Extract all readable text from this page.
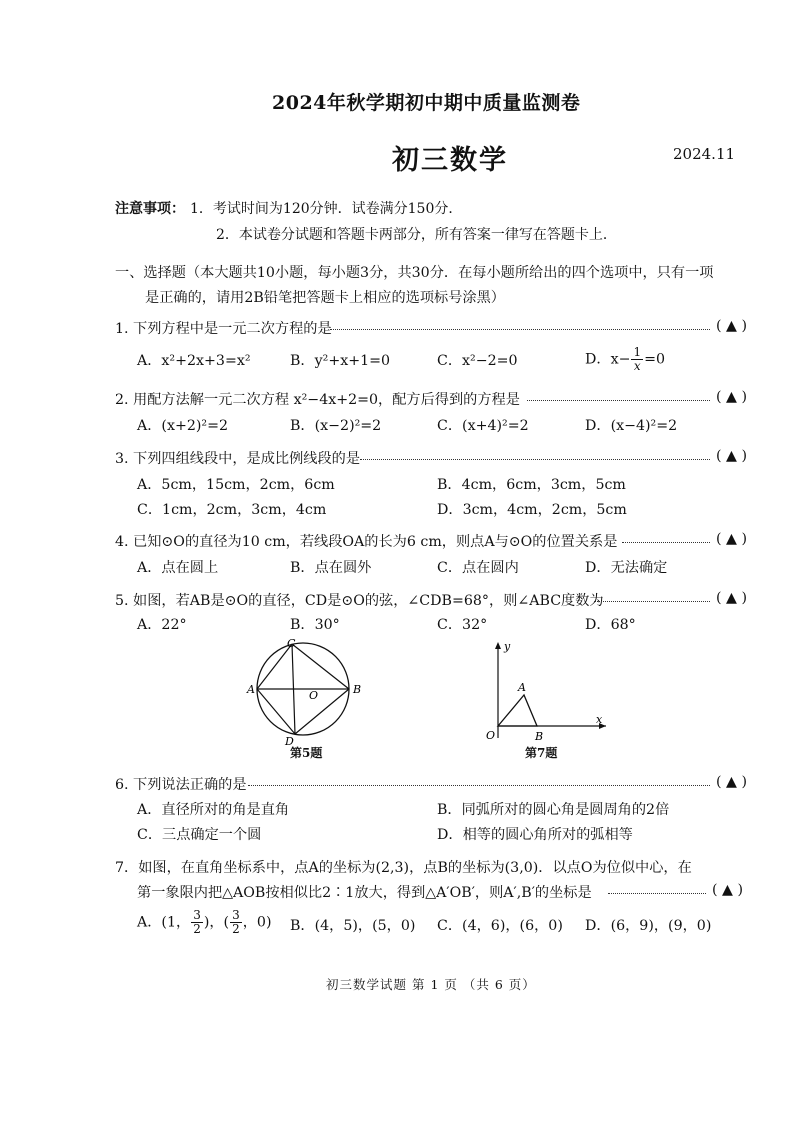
2024年秋学期初中期中质量监测卷
初三数学	2024.11
注意事项： 1．考试时间为120分钟．试卷满分150分．
2．本试卷分试题和答题卡两部分，所有答案一律写在答题卡上．
一、选择题（本大题共10小题，每小题3分，共30分．在每小题所给出的四个选项中，只有一项
是正确的，请用2B铅笔把答题卡上相应的选项标号涂黑）
1. 下列方程中是一元二次方程的是	( ▲ )
A．x²+2x+3=x²	B．y²+x+1=0	C．x²−2=0	D．$x- \frac{1}{x} =0$
2. 用配方法解一元二次方程 x²−4x+2=0，配方后得到的方程是	( ▲ )
A．(x+2)²=2	B．(x−2)²=2	C．(x+4)²=2	D．(x−4)²=2
3. 下列四组线段中，是成比例线段的是	( ▲ )
A．5cm，15cm，2cm，6cm	B．4cm，6cm，3cm，5cm
C．1cm，2cm，3cm，4cm	D．3cm，4cm，2cm，5cm
4. 已知⊙O的直径为10 cm，若线段OA的长为6 cm，则点A与⊙O的位置关系是	( ▲ )
A．点在圆上	B．点在圆外	C．点在圆内	D．无法确定
5. 如图，若AB是⊙O的直径，CD是⊙O的弦，∠CDB=68°，则∠ABC度数为	( ▲ )
A．22°	B．30°	C．32°	D．68°
C
A	O	B
D
第5题
y
A
O	B
x
第7题
6. 下列说法正确的是	( ▲ )
A．直径所对的角是直角	B．同弧所对的圆心角是圆周角的2倍
C．三点确定一个圆	D．相等的圆心角所对的弧相等
7．如图，在直角坐标系中，点A的坐标为(2,3)，点B的坐标为(3,0)．以点O为位似中心，在
第一象限内把△AOB按相似比2∶1放大，得到△A′OB′，则A′,B′的坐标是	( ▲ )
A．(1， $\frac{3}{2}$ )，( $\frac{3}{2}$ ，0) B．(4，5)，(5，0) C．(4，6)，(6，0) D．(6，9)，(9，0)
初三数学试题 第 1 页 （共 6 页）
